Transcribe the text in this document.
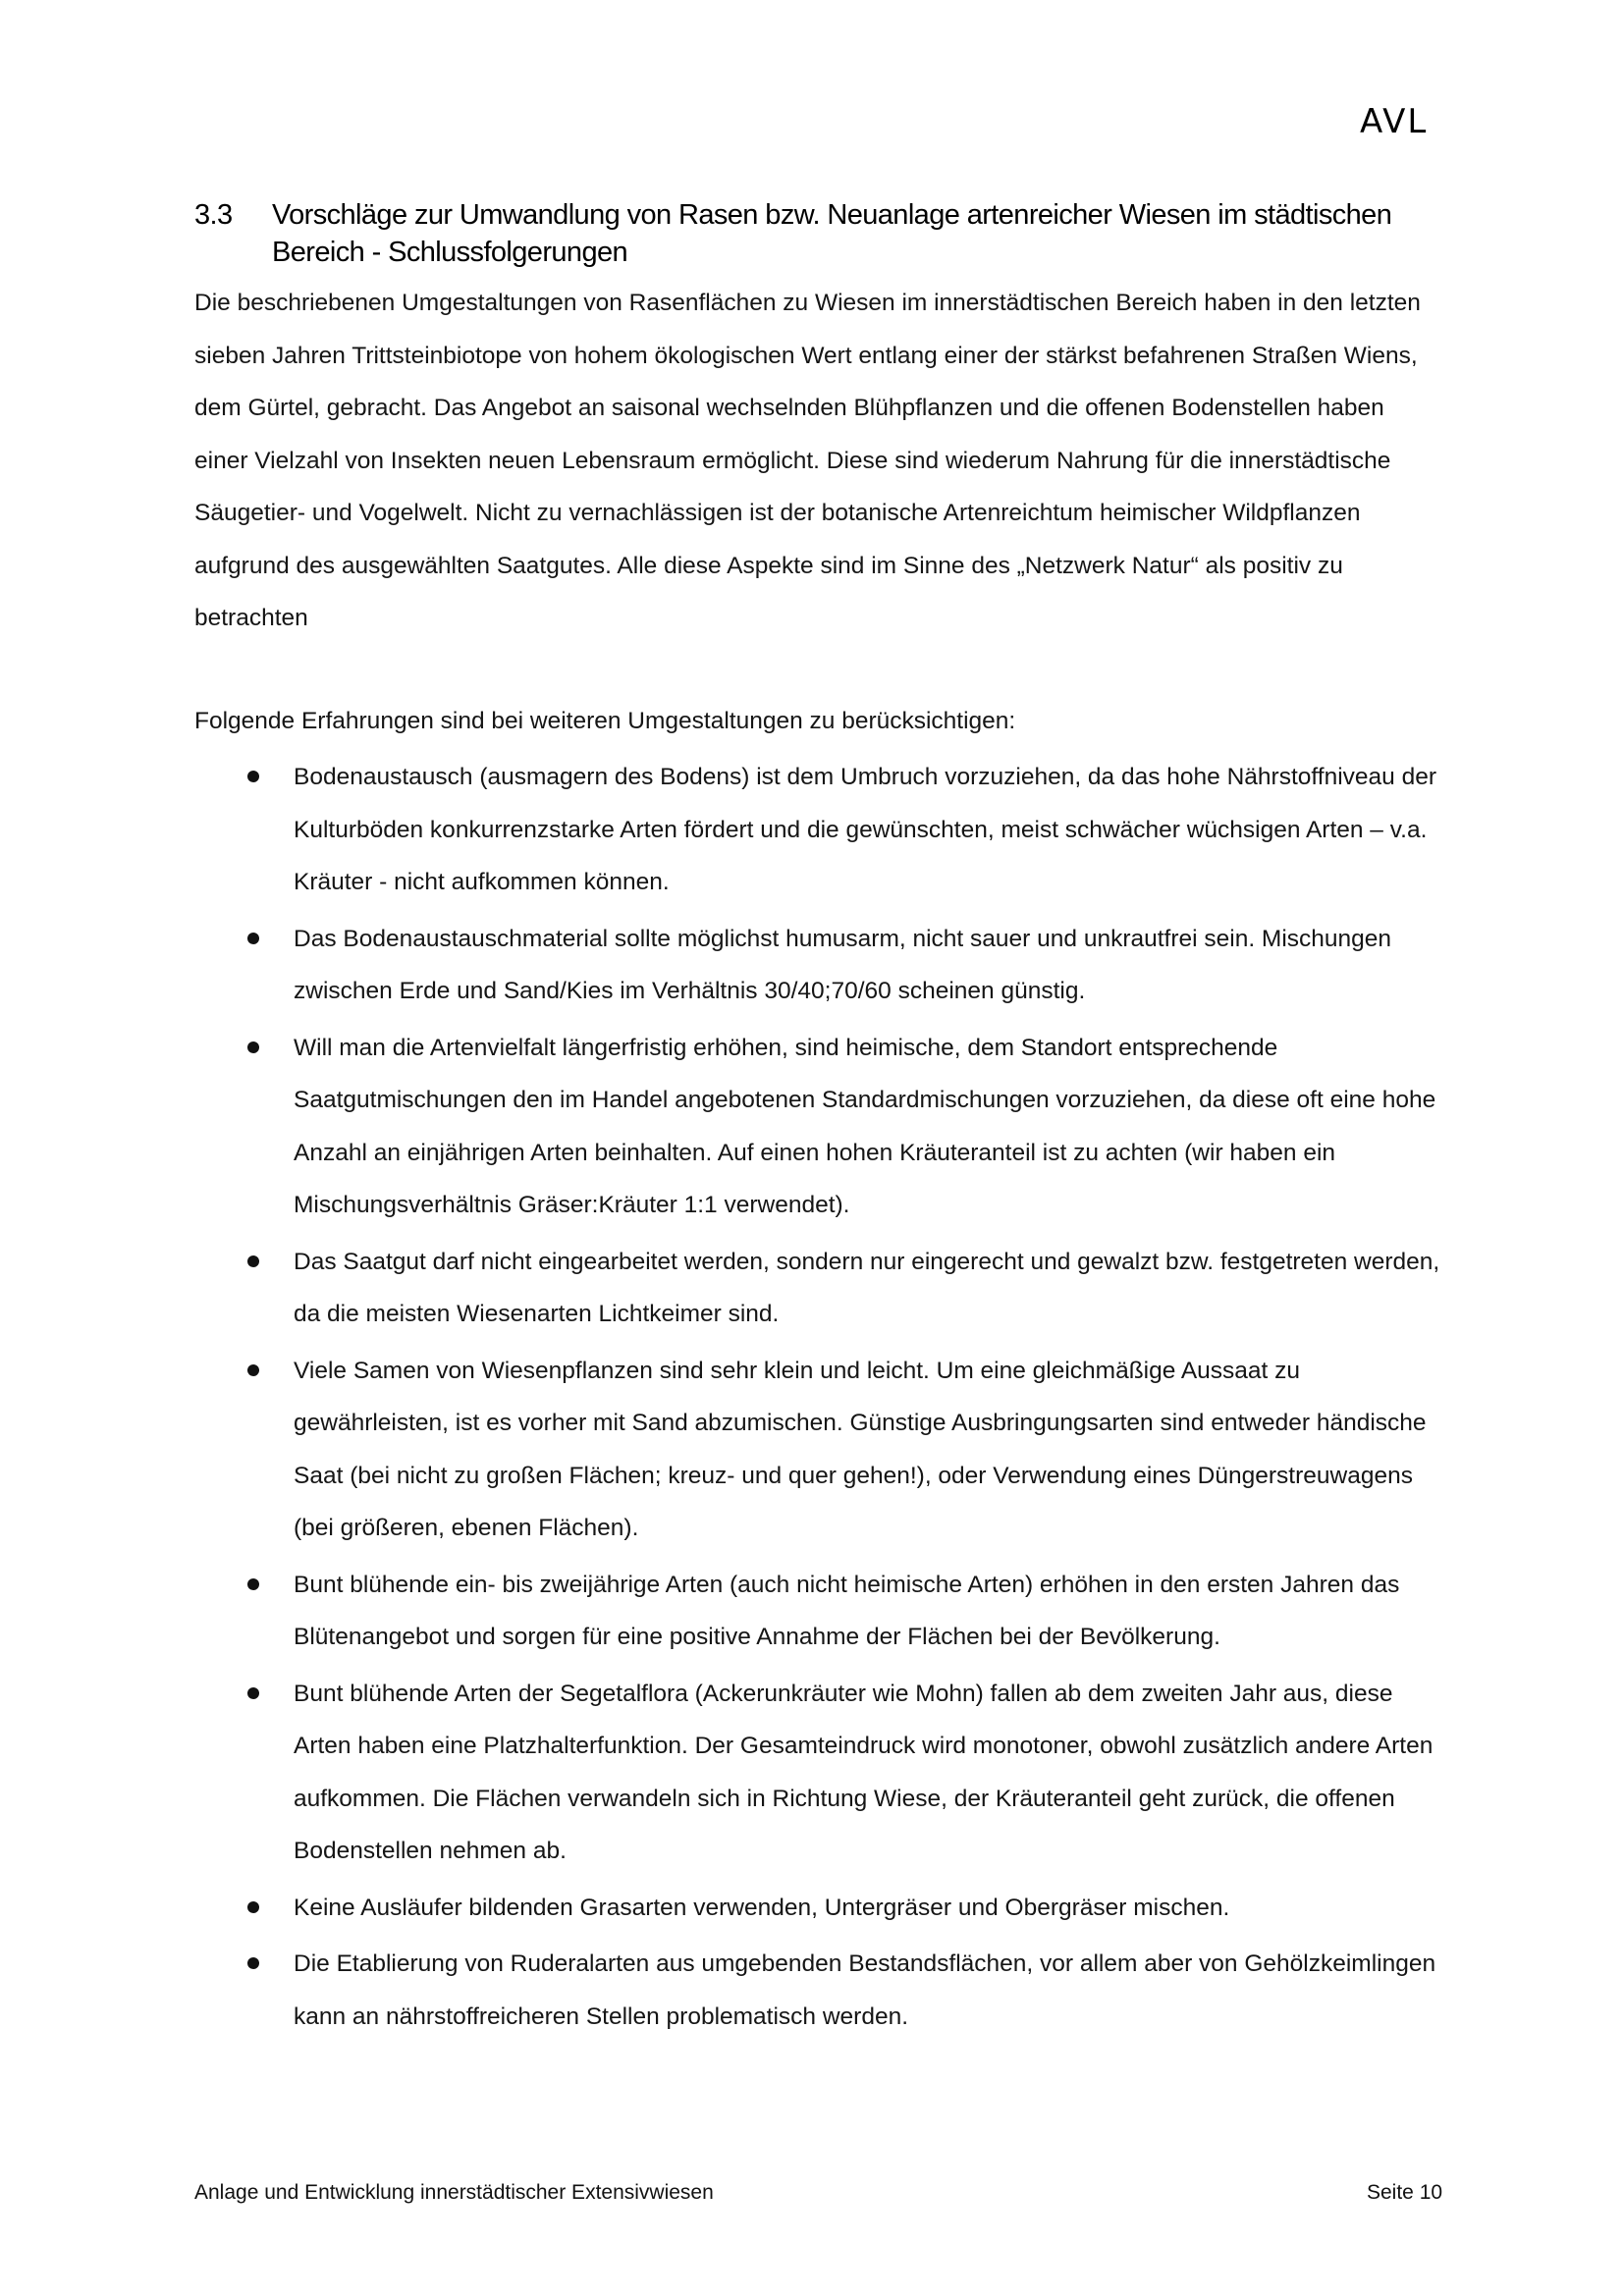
AVL
3.3 Vorschläge zur Umwandlung von Rasen bzw. Neuanlage artenreicher Wiesen im städtischen Bereich - Schlussfolgerungen

Die beschriebenen Umgestaltungen von Rasenflächen zu Wiesen im innerstädtischen Bereich haben in den letzten sieben Jahren Trittsteinbiotope von hohem ökologischen Wert entlang einer der stärkst befahrenen Straßen Wiens, dem Gürtel, gebracht. Das Angebot an saisonal wechselnden Blühpflanzen und die offenen Bodenstellen haben einer Vielzahl von Insekten neuen Lebensraum ermöglicht. Diese sind wiederum Nahrung für die innerstädtische Säugetier- und Vogelwelt. Nicht zu vernachlässigen ist der botanische Artenreichtum heimischer Wildpflanzen aufgrund des ausgewählten Saatgutes. Alle diese Aspekte sind im Sinne des „Netzwerk Natur“ als positiv zu betrachten

Folgende Erfahrungen sind bei weiteren Umgestaltungen zu berücksichtigen:

Bodenaustausch (ausmagern des Bodens) ist dem Umbruch vorzuziehen, da das hohe Nährstoffniveau der Kulturböden konkurrenzstarke Arten fördert und die gewünschten, meist schwächer wüchsigen Arten – v.a. Kräuter - nicht aufkommen können.
Das Bodenaustauschmaterial sollte möglichst humusarm, nicht sauer und unkrautfrei sein. Mischungen zwischen Erde und Sand/Kies im Verhältnis 30/40;70/60 scheinen günstig.
Will man die Artenvielfalt längerfristig erhöhen, sind heimische, dem Standort entsprechende Saatgutmischungen den im Handel angebotenen Standardmischungen vorzuziehen, da diese oft eine hohe Anzahl an einjährigen Arten beinhalten. Auf einen hohen Kräuteranteil ist zu achten (wir haben ein Mischungsverhältnis Gräser:Kräuter 1:1 verwendet).
Das Saatgut darf nicht eingearbeitet werden, sondern nur eingerecht und gewalzt bzw. festgetreten werden, da die meisten Wiesenarten Lichtkeimer sind.
Viele Samen von Wiesenpflanzen sind sehr klein und leicht. Um eine gleichmäßige Aussaat zu gewährleisten, ist es vorher mit Sand abzumischen. Günstige Ausbringungsarten sind entweder händische Saat (bei nicht zu großen Flächen; kreuz- und quer gehen!), oder Verwendung eines Düngerstreuwagens (bei größeren, ebenen Flächen).
Bunt blühende ein- bis zweijährige Arten (auch nicht heimische Arten) erhöhen in den ersten Jahren das Blütenangebot und sorgen für eine positive Annahme der Flächen bei der Bevölkerung.
Bunt blühende Arten der Segetalflora (Ackerunkräuter wie Mohn) fallen ab dem zweiten Jahr aus, diese Arten haben eine Platzhalterfunktion. Der Gesamteindruck wird monotoner, obwohl zusätzlich andere Arten aufkommen. Die Flächen verwandeln sich in Richtung Wiese, der Kräuteranteil geht zurück, die offenen Bodenstellen nehmen ab.
Keine Ausläufer bildenden Grasarten verwenden, Untergräser und Obergräser mischen.
Die Etablierung von Ruderalarten aus umgebenden Bestandsflächen, vor allem aber von Gehölzkeimlingen kann an nährstoffreicheren Stellen problematisch werden.
Anlage und Entwicklung innerstädtischer Extensivwiesen	Seite 10
